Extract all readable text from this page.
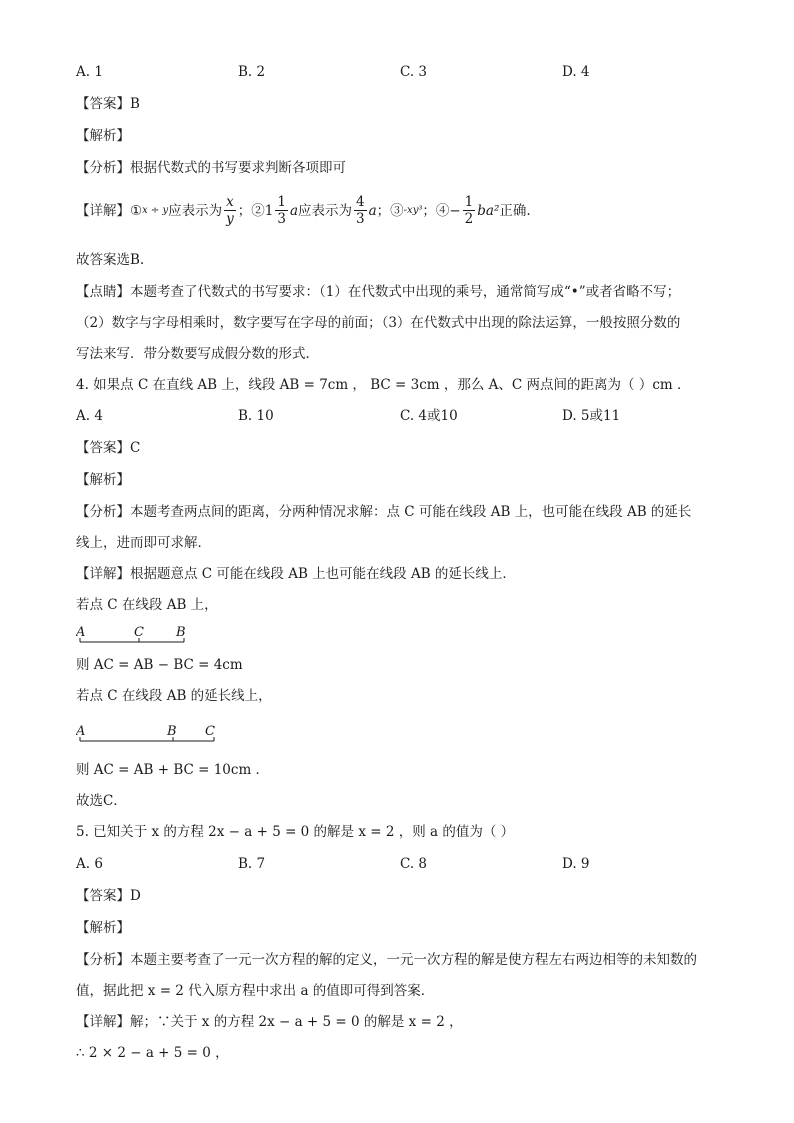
A. 1	B. 2	C. 3	D. 4
【答案】B
【解析】
【分析】根据代数式的书写要求判断各项即可
【详解】 ① x ÷ y 应表示为 $\frac{x}{y}$ ；② $1 \frac{1}{3}$ a 应表示为 $\frac{4}{3}$ a ；③ -xy³ ；④ − $\frac{1}{2} ba^2$ 正确.
故答案选B.
【点睛】本题考查了代数式的书写要求：（1）在代数式中出现的乘号，通常简写成“•”或者省略不写；
（2）数字与字母相乘时，数字要写在字母的前面；（3）在代数式中出现的除法运算，一般按照分数的
写法来写．带分数要写成假分数的形式．
4. 如果点 C 在直线 AB 上，线段 AB = 7cm ， BC = 3cm ，那么 A、C 两点间的距离为（ ）cm ．
A. 4	B. 10	C. 4或10	D. 5或11
【答案】C
【解析】
【分析】本题考查两点间的距离，分两种情况求解：点 C 可能在线段 AB 上，也可能在线段 AB 的延长
线上，进而即可求解．
【详解】根据题意点 C 可能在线段 AB 上也可能在线段 AB 的延长线上．
若点 C 在线段 AB 上，
A	C B
则 AC = AB − BC = 4cm
若点 C 在线段 AB 的延长线上，
A	B C
则 AC = AB + BC = 10cm ．
故选C．
5. 已知关于 x 的方程 2x − a + 5 = 0 的解是 x = 2 ，则 a 的值为（ ）
A. 6	B. 7	C. 8	D. 9
【答案】D
【解析】
【分析】本题主要考查了一元一次方程的解的定义，一元一次方程的解是使方程左右两边相等的未知数的
值，据此把 x = 2 代入原方程中求出 a 的值即可得到答案．
【详解】解；∵关于 x 的方程 2x − a + 5 = 0 的解是 x = 2 ，
∴ 2 × 2 − a + 5 = 0 ，
